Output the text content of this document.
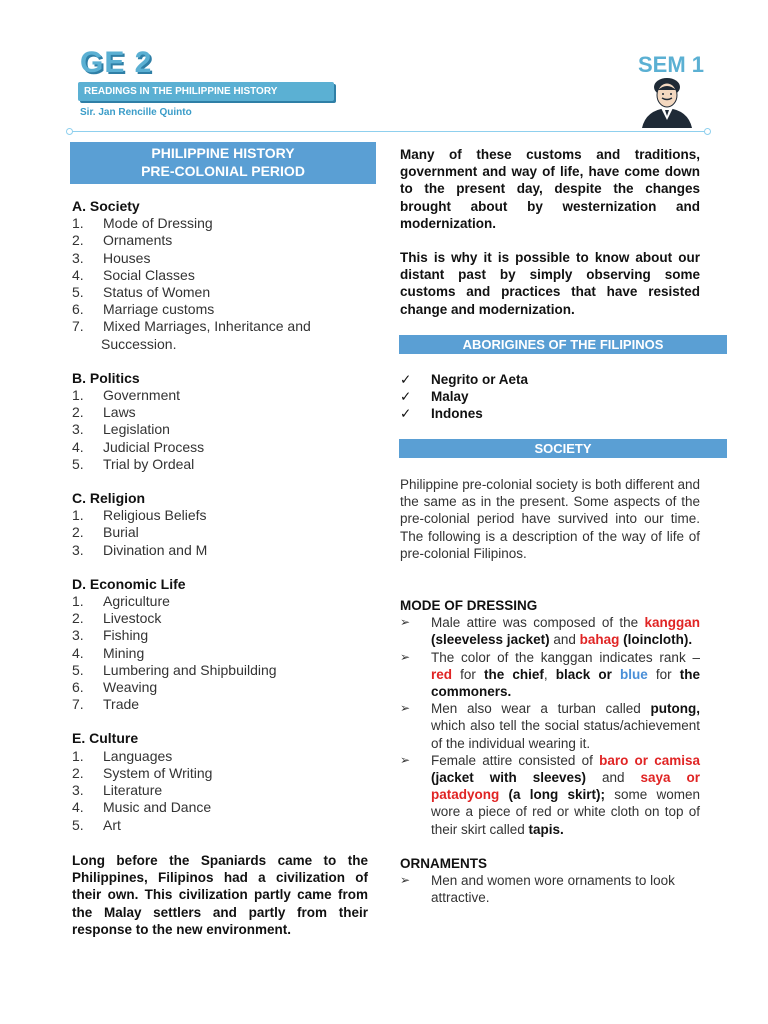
GE 2
READINGS IN THE PHILIPPINE HISTORY
Sir. Jan Rencille Quinto
SEM 1
PHILIPPINE HISTORY
PRE-COLONIAL PERIOD
A. Society
1.	Mode of Dressing
2.	Ornaments
3.	Houses
4.	Social Classes
5.	Status of Women
6.	Marriage customs
7.	Mixed Marriages, Inheritance and
Succession.
B. Politics
1.	Government
2.	Laws
3.	Legislation
4.	Judicial Process
5.	Trial by Ordeal
C. Religion
1.	Religious Beliefs
2.	Burial
3.	Divination and M
D. Economic Life
1.	Agriculture
2.	Livestock
3.	Fishing
4.	Mining
5.	Lumbering and Shipbuilding
6.	Weaving
7.	Trade
E. Culture
1.	Languages
2.	System of Writing
3.	Literature
4.	Music and Dance
5.	Art
Long before the Spaniards came to the Philippines, Filipinos had a civilization of their own. This civilization partly came from the Malay settlers and partly from their response to the new environment.

Many of these customs and traditions, government and way of life, have come down to the present day, despite the changes brought about by westernization and modernization.

This is why it is possible to know about our distant past by simply observing some customs and practices that have resisted change and modernization.

ABORIGINES OF THE FILIPINOS
✓	Negrito or Aeta
✓	Malay
✓	Indones
SOCIETY
Philippine pre-colonial society is both different and the same as in the present. Some aspects of the pre-colonial period have survived into our time. The following is a description of the way of life of pre-colonial Filipinos.
MODE OF DRESSING
➢	Male attire was composed of the kanggan (sleeveless jacket) and bahag (loincloth).
➢	The color of the kanggan indicates rank – red for the chief, black or blue for the commoners.
➢	Men also wear a turban called putong, which also tell the social status/achievement of the individual wearing it.
➢	Female attire consisted of baro or camisa (jacket with sleeves) and saya or patadyong (a long skirt); some women wore a piece of red or white cloth on top of their skirt called tapis.
ORNAMENTS
➢	Men and women wore ornaments to look attractive.
